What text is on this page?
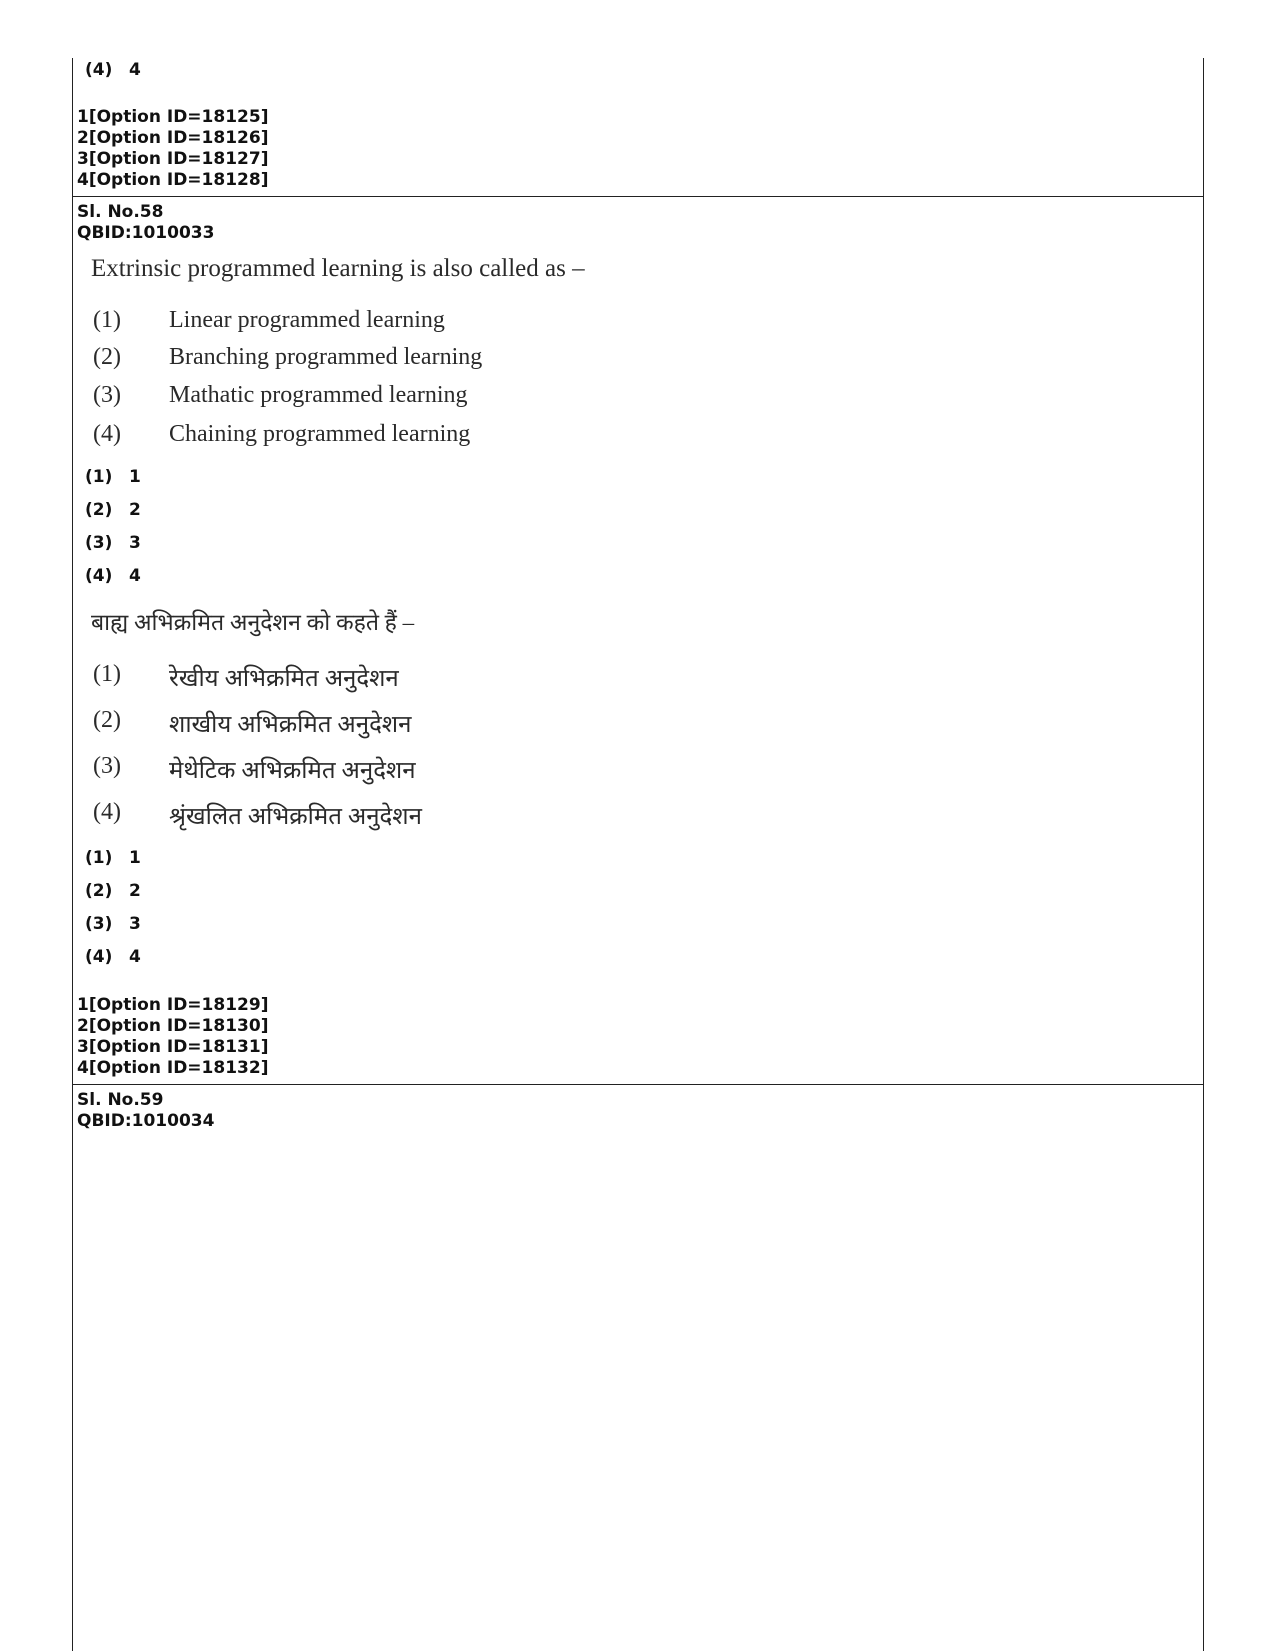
(4) 4
1[Option ID=18125]
2[Option ID=18126]
3[Option ID=18127]
4[Option ID=18128]
Sl. No.58
QBID:1010033
Extrinsic programmed learning is also called as –
(1) Linear programmed learning
(2) Branching programmed learning
(3) Mathatic programmed learning
(4) Chaining programmed learning
(1) 1
(2) 2
(3) 3
(4) 4
बाह्य अभिक्रमित अनुदेशन को कहते हैं –
(1) रेखीय अभिक्रमित अनुदेशन
(2) शाखीय अभिक्रमित अनुदेशन
(3) मेथेटिक अभिक्रमित अनुदेशन
(4) श्रृंखलित अभिक्रमित अनुदेशन
(1) 1
(2) 2
(3) 3
(4) 4
1[Option ID=18129]
2[Option ID=18130]
3[Option ID=18131]
4[Option ID=18132]
Sl. No.59
QBID:1010034
